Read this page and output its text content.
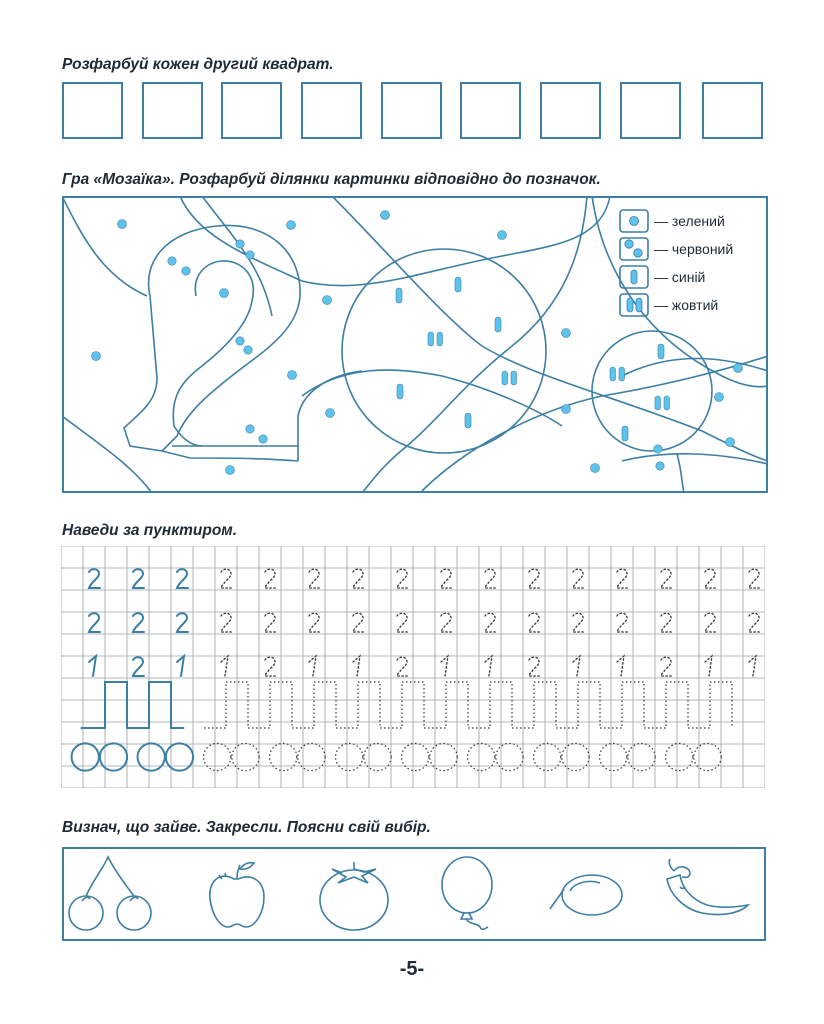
Розфарбуй кожен другий квадрат.

Гра «Мозаїка». Розфарбуй ділянки картинки відповідно до позначок.

— зелений
— червоний
— синій
— жовтий

Наведи за пунктиром.

Визнач, що зайве. Закресли. Поясни свій вибір.

-5-
